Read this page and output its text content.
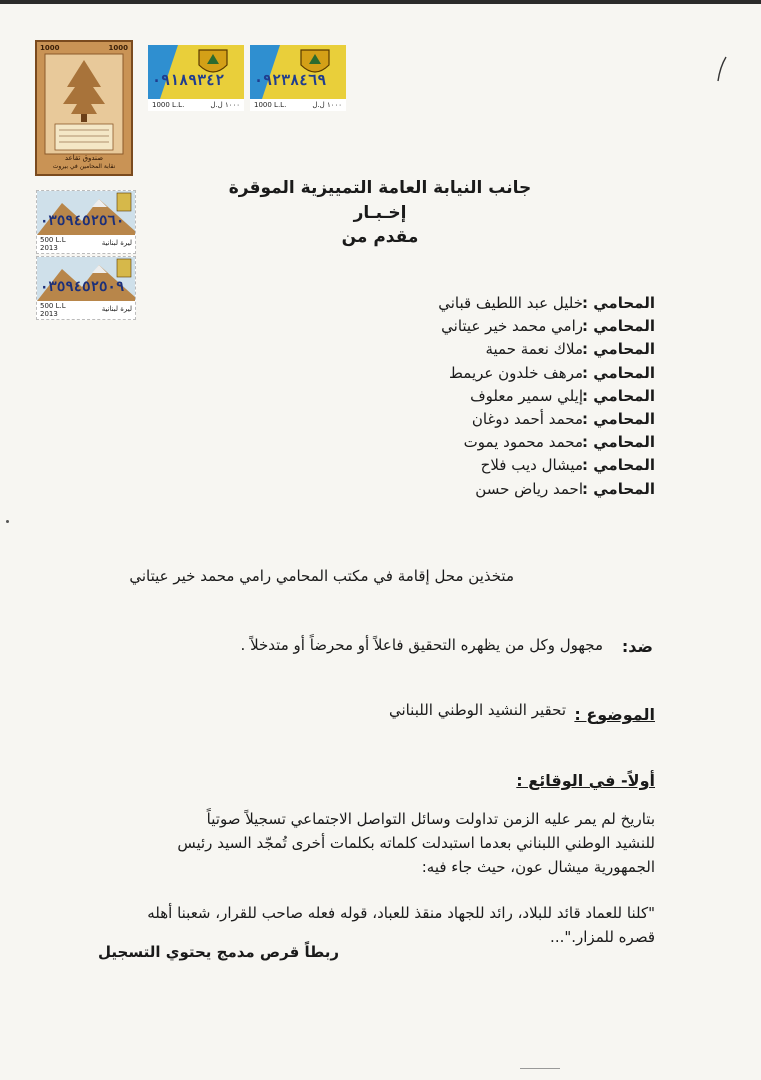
1000	1000
صندوق تقاعد
نقابة المحامين في بيروت
٠٩١٨٩٣٤٢
1000 L.L.	١٠٠٠ ل.ل
٠٩٢٣٨٤٦٩
1000 L.L.	١٠٠٠ ل.ل
٠٣٥٩٤٥٢٥٦٠
500 L.L
2013
ليرة لبنانية
٠٣٥٩٤٥٢٥٠٩
500 L.L
2013
ليرة لبنانية
جانب النيابة العامة التمييزية الموقرة
إخـبـار
مقدم من
المحامي :
خليل عبد اللطيف قباني
المحامي :
رامي محمد خير عيتاني
المحامي :
ملاك نعمة حمية
المحامي :
مرهف خلدون عريمط
المحامي :
إيلي سمير معلوف
المحامي :
محمد أحمد دوغان
المحامي :
محمد محمود يموت
المحامي :
ميشال ديب فلاح
المحامي :
احمد رياض حسن
متخذين محل إقامة في مكتب المحامي رامي محمد خير عيتاني
ضد:
مجهول وكل من يظهره التحقيق فاعلاً أو محرضاً أو متدخلاً .
الموضوع :
تحقير النشيد الوطني اللبناني
أولاً- في الوقائع :
بتاريخ لم يمر عليه الزمن تداولت وسائل التواصل الاجتماعي تسجيلاً صوتياً
للنشيد الوطني اللبناني بعدما استبدلت كلماته بكلمات أخرى تُمجّد السيد رئيس
الجمهورية ميشال عون، حيث جاء فيه:
"كلنا للعماد قائد للبلاد، رائد للجهاد منقذ للعباد، قوله فعله صاحب للقرار، شعبنا أهله
قصره للمزار."...
ربطاً قرص مدمج يحتوي التسجيل
